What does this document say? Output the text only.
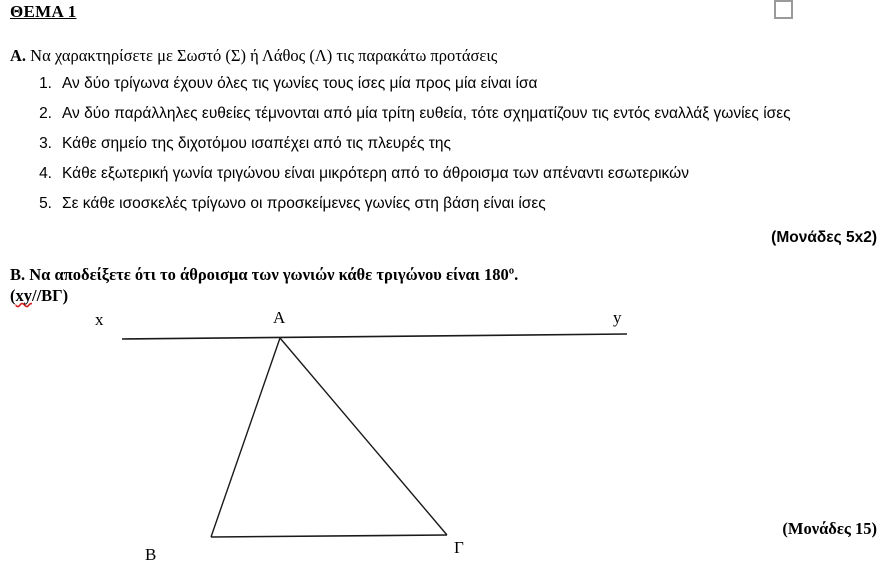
ΘΕΜΑ 1
Α. Να χαρακτηρίσετε με Σωστό (Σ) ή Λάθος (Λ) τις παρακάτω προτάσεις
1. Αν δύο τρίγωνα έχουν όλες τις γωνίες τους ίσες μία προς μία είναι ίσα
2. Αν δύο παράλληλες ευθείες τέμνονται από μία τρίτη ευθεία, τότε σχηματίζουν τις εντός εναλλάξ γωνίες ίσες
3. Κάθε σημείο της διχοτόμου ισαπέχει από τις πλευρές της
4. Κάθε εξωτερική γωνία τριγώνου είναι μικρότερη από το άθροισμα των απέναντι εσωτερικών
5. Σε κάθε ισοσκελές τρίγωνο οι προσκείμενες γωνίες στη βάση είναι ίσες
(Μονάδες 5x2)
Β. Να αποδείξετε ότι το άθροισμα των γωνιών κάθε τριγώνου είναι 180º.
(xy//ΒΓ)
x	Α	y
Β	Γ
(Μονάδες 15)
